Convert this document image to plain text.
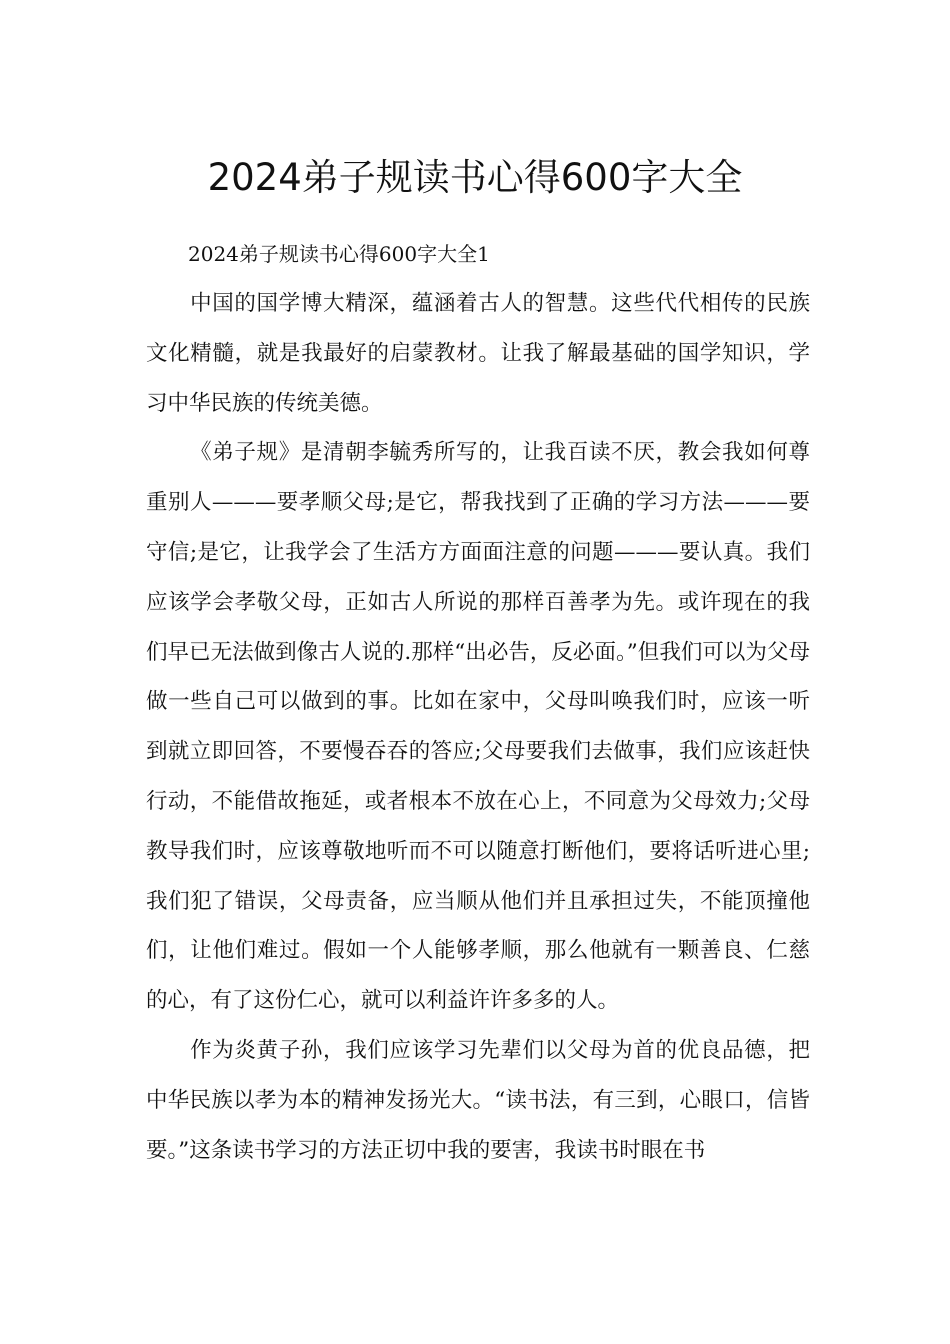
2024弟子规读书心得600字大全

2024弟子规读书心得600字大全1

中国的国学博大精深，蕴涵着古人的智慧。这些代代相传的民族文化精髓，就是我最好的启蒙教材。让我了解最基础的国学知识，学习中华民族的传统美德。

《弟子规》是清朝李毓秀所写的，让我百读不厌，教会我如何尊重别人———要孝顺父母;是它，帮我找到了正确的学习方法———要守信;是它，让我学会了生活方方面面注意的问题———要认真。我们应该学会孝敬父母，正如古人所说的那样百善孝为先。或许现在的我们早已无法做到像古人说的.那样“出必告，反必面。”但我们可以为父母做一些自己可以做到的事。比如在家中，父母叫唤我们时，应该一听到就立即回答，不要慢吞吞的答应;父母要我们去做事，我们应该赶快行动，不能借故拖延，或者根本不放在心上，不同意为父母效力;父母教导我们时，应该尊敬地听而不可以随意打断他们，要将话听进心里;我们犯了错误，父母责备，应当顺从他们并且承担过失，不能顶撞他们，让他们难过。假如一个人能够孝顺，那么他就有一颗善良、仁慈的心，有了这份仁心，就可以利益许许多多的人。

作为炎黄子孙，我们应该学习先辈们以父母为首的优良品德，把中华民族以孝为本的精神发扬光大。“读书法，有三到，心眼口，信皆要。”这条读书学习的方法正切中我的要害，我读书时眼在书
